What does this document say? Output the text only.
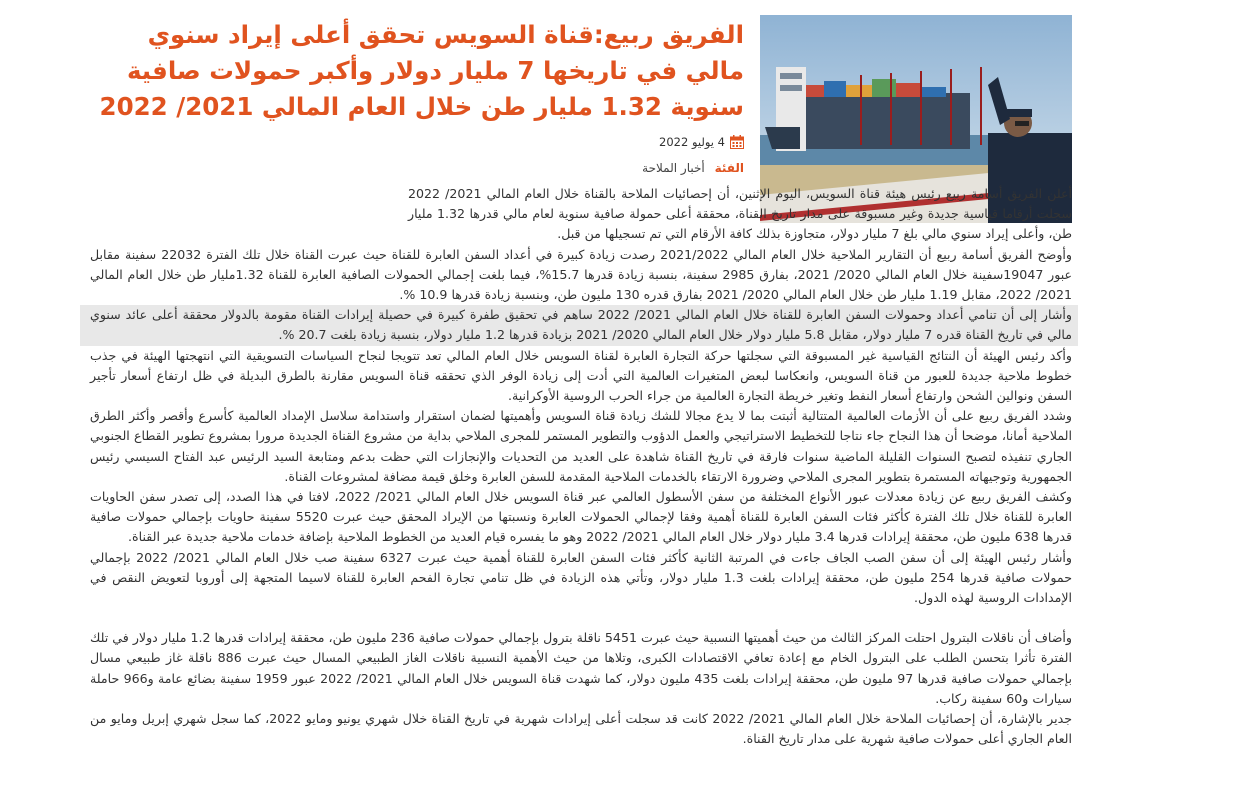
الفريق ربيع:قناة السويس تحقق أعلى إيراد سنوي مالي في تاريخها 7 مليار دولار وأكبر حمولات صافية سنوية 1.32 مليار طن خلال العام المالي 2021/ 2022
4 يوليو 2022
الفئة أخبار الملاحة

أعلن الفريق أسامة ربيع رئيس هيئة قناة السويس، اليوم الإثنين، أن إحصائيات الملاحة بالقناة خلال العام المالي 2021/ 2022 سجلت أرقاما قياسية جديدة وغير مسبوقة على مدار تاريخ القناة، محققة أعلى حمولة صافية سنوية لعام مالي قدرها 1.32 مليار طن، وأعلى إيراد سنوي مالي بلغ 7 مليار دولار، متجاوزة بذلك كافة الأرقام التي تم تسجيلها من قبل.

وأوضح الفريق أسامة ربيع أن التقارير الملاحية خلال العام المالي 2021/2022 رصدت زيادة كبيرة في أعداد السفن العابرة للقناة حيث عبرت القناة خلال تلك الفترة 22032 سفينة مقابل عبور 19047سفينة خلال العام المالي 2020/ 2021، بفارق 2985 سفينة، بنسبة زيادة قدرها 15.7%، فيما بلغت إجمالي الحمولات الصافية العابرة للقناة 1.32مليار طن خلال العام المالي 2021/ 2022، مقابل 1.19 مليار طن خلال العام المالي 2020/ 2021 بفارق قدره 130 مليون طن، وبنسبة زيادة قدرها 10.9 %.

وأشار إلى أن تنامي أعداد وحمولات السفن العابرة للقناة خلال العام المالي 2021/ 2022 ساهم في تحقيق طفرة كبيرة في حصيلة إيرادات القناة مقومة بالدولار محققة أعلى عائد سنوي مالي في تاريخ القناة قدره 7 مليار دولار، مقابل 5.8 مليار دولار خلال العام المالي 2020/ 2021 بزيادة قدرها 1.2 مليار دولار، بنسبة زيادة بلغت 20.7 %.

وأكد رئيس الهيئة أن النتائج القياسية غير المسبوقة التي سجلتها حركة التجارة العابرة لقناة السويس خلال العام المالي تعد تتويجا لنجاح السياسات التسويقية التي انتهجتها الهيئة في جذب خطوط ملاحية جديدة للعبور من قناة السويس، وانعكاسا لبعض المتغيرات العالمية التي أدت إلى زيادة الوفر الذي تحققه قناة السويس مقارنة بالطرق البديلة في ظل ارتفاع أسعار تأجير السفن ونوالين الشحن وارتفاع أسعار النفط وتغير خريطة التجارة العالمية من جراء الحرب الروسية الأوكرانية.

وشدد الفريق ربيع على أن الأزمات العالمية المتتالية أثبتت بما لا يدع مجالا للشك زيادة قناة السويس وأهميتها لضمان استقرار واستدامة سلاسل الإمداد العالمية كأسرع وأقصر وأكثر الطرق الملاحية أمانا، موضحا أن هذا النجاح جاء نتاجا للتخطيط الاستراتيجي والعمل الدؤوب والتطوير المستمر للمجرى الملاحي بداية من مشروع القناة الجديدة مرورا بمشروع تطوير القطاع الجنوبي الجاري تنفيذه لتصبح السنوات القليلة الماضية سنوات فارقة في تاريخ القناة شاهدة على العديد من التحديات والإنجازات التي حظت بدعم ومتابعة السيد الرئيس عبد الفتاح السيسي رئيس الجمهورية وتوجيهاته المستمرة بتطوير المجرى الملاحي وضرورة الارتقاء بالخدمات الملاحية المقدمة للسفن العابرة وخلق قيمة مضافة لمشروعات القناة.

وكشف الفريق ربيع عن زيادة معدلات عبور الأنواع المختلفة من سفن الأسطول العالمي عبر قناة السويس خلال العام المالي 2021/ 2022، لافتا في هذا الصدد، إلى تصدر سفن الحاويات العابرة للقناة خلال تلك الفترة كأكثر فئات السفن العابرة للقناة أهمية وفقا لإجمالي الحمولات العابرة ونسبتها من الإيراد المحقق حيث عبرت 5520 سفينة حاويات بإجمالي حمولات صافية قدرها 638 مليون طن، محققة إيرادات قدرها 3.4 مليار دولار خلال العام المالي 2021/ 2022 وهو ما يفسره قيام العديد من الخطوط الملاحية بإضافة خدمات ملاحية جديدة عبر القناة.

وأشار رئيس الهيئة إلى أن سفن الصب الجاف جاءت في المرتبة الثانية كأكثر فئات السفن العابرة للقناة أهمية حيث عبرت 6327 سفينة صب خلال العام المالي 2021/ 2022 بإجمالي حمولات صافية قدرها 254 مليون طن، محققة إيرادات بلغت 1.3 مليار دولار، وتأتي هذه الزيادة في ظل تنامي تجارة الفحم العابرة للقناة لاسيما المتجهة إلى أوروبا لتعويض النقص في الإمدادات الروسية لهذه الدول.

وأضاف أن ناقلات البترول احتلت المركز الثالث من حيث أهميتها النسبية حيث عبرت 5451 ناقلة بترول بإجمالي حمولات صافية 236 مليون طن، محققة إيرادات قدرها 1.2 مليار دولار في تلك الفترة تأثرا بتحسن الطلب على البترول الخام مع إعادة تعافي الاقتصادات الكبرى، وتلاها من حيث الأهمية النسبية ناقلات الغاز الطبيعي المسال حيث عبرت 886 ناقلة غاز طبيعي مسال بإجمالي حمولات صافية قدرها 97 مليون طن، محققة إيرادات بلغت 435 مليون دولار، كما شهدت قناة السويس خلال العام المالي 2021/ 2022 عبور 1959 سفينة بضائع عامة و966 حاملة سيارات و60 سفينة ركاب.

جدير بالإشارة، أن إحصائيات الملاحة خلال العام المالي 2021/ 2022 كانت قد سجلت أعلى إيرادات شهرية في تاريخ القناة خلال شهري يونيو ومايو 2022، كما سجل شهري إبريل ومايو من العام الجاري أعلى حمولات صافية شهرية على مدار تاريخ القناة.
